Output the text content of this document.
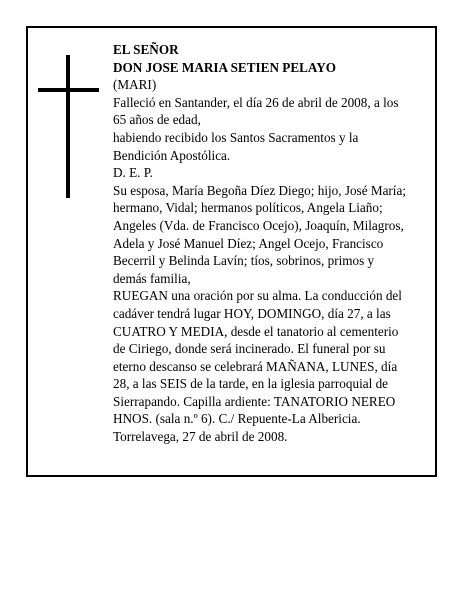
EL SEÑOR
DON JOSE MARIA SETIEN PELAYO
(MARI)
Falleció en Santander, el día 26 de abril de 2008, a los
65 años de edad,
habiendo recibido los Santos Sacramentos y la
Bendición Apostólica.
D. E. P.
Su esposa, María Begoña Díez Diego; hijo, José María;
hermano, Vidal; hermanos políticos, Angela Liaño;
Angeles (Vda. de Francisco Ocejo), Joaquín, Milagros,
Adela y José Manuel Díez; Angel Ocejo, Francisco
Becerril y Belinda Lavín; tíos, sobrinos, primos y
demás familia,
RUEGAN una oración por su alma. La conducción del
cadáver tendrá lugar HOY, DOMINGO, día 27, a las
CUATRO Y MEDIA, desde el tanatorio al cementerio
de Ciriego, donde será incinerado. El funeral por su
eterno descanso se celebrará MAÑANA, LUNES, día
28, a las SEIS de la tarde, en la iglesia parroquial de
Sierrapando. Capilla ardiente: TANATORIO NEREO
HNOS. (sala n.º 6). C./ Repuente-La Albericia.
Torrelavega, 27 de abril de 2008.
